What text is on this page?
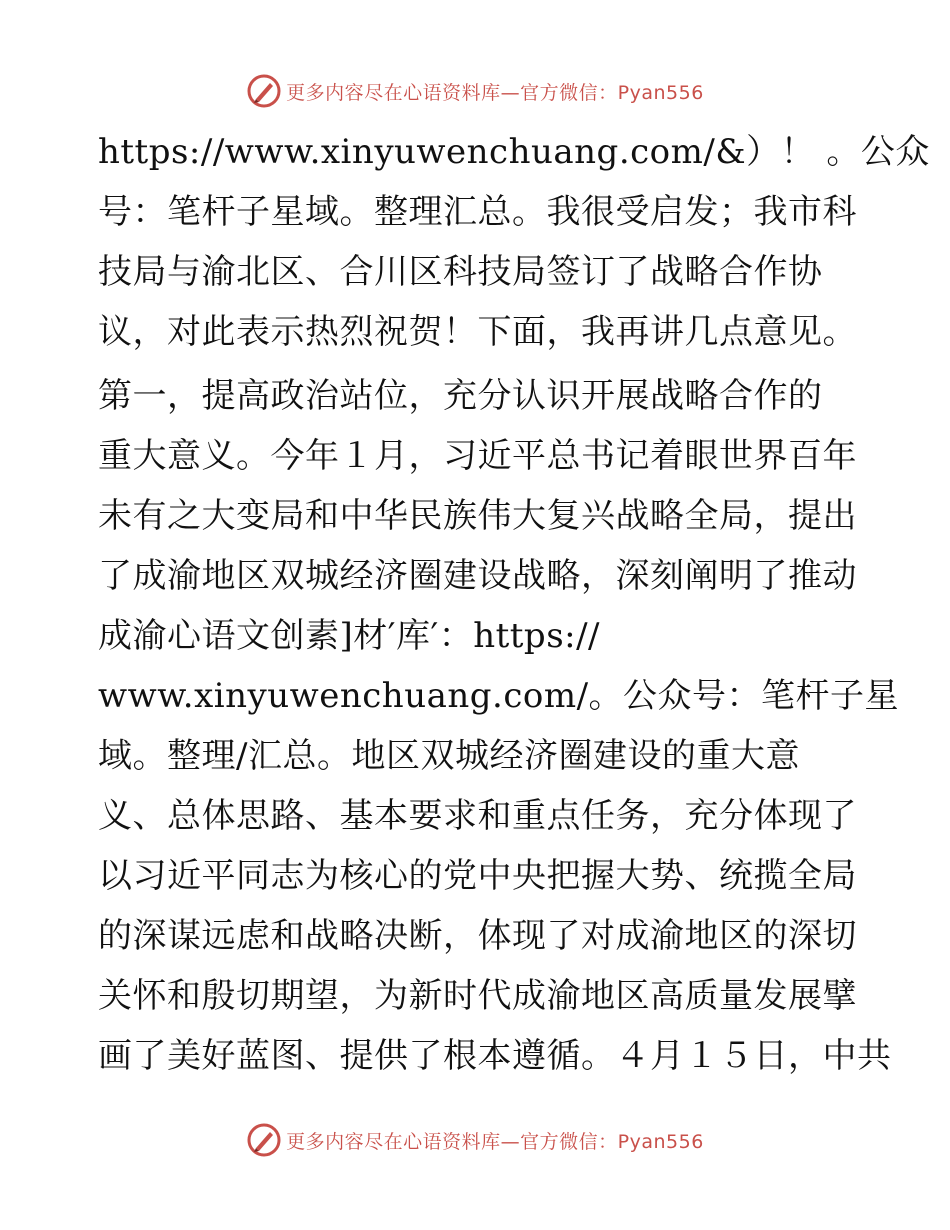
更多内容尽在心语资料库—官方微信：Pyan556
https://www.xinyuwenchuang.com/&）！ 。公众
号：笔杆子星域。整理汇总。我很受启发；我市科
技局与渝北区、合川区科技局签订了战略合作协
议，对此表示热烈祝贺！下面，我再讲几点意见。
第一，提高政治站位，充分认识开展战略合作的
重大意义。今年１月，习近平总书记着眼世界百年
未有之大变局和中华民族伟大复兴战略全局，提出
了成渝地区双城经济圈建设战略，深刻阐明了推动
成渝心语文创素]材′库′：https://
www.xinyuwenchuang.com/。公众号：笔杆子星
域。整理/汇总。地区双城经济圈建设的重大意
义、总体思路、基本要求和重点任务，充分体现了
以习近平同志为核心的党中央把握大势、统揽全局
的深谋远虑和战略决断，体现了对成渝地区的深切
关怀和殷切期望，为新时代成渝地区高质量发展擘
画了美好蓝图、提供了根本遵循。４月１５日，中共
更多内容尽在心语资料库—官方微信：Pyan556
